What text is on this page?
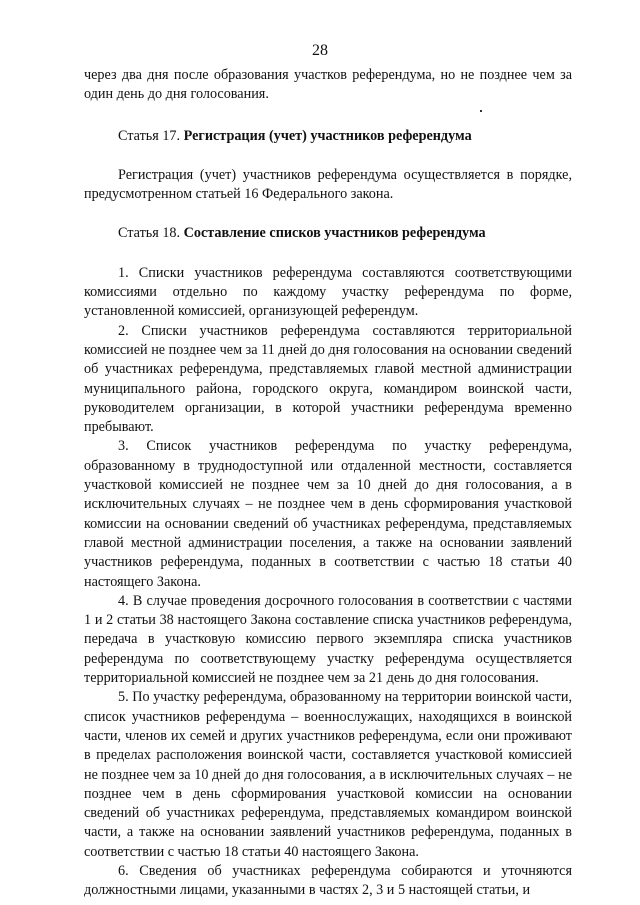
28

через два дня после образования участков референдума, но не позднее чем за один день до дня голосования.

Статья 17. Регистрация (учет) участников референдума

Регистрация (учет) участников референдума осуществляется в порядке, предусмотренном статьей 16 Федерального закона.

Статья 18. Составление списков участников референдума

1. Списки участников референдума составляются соответствующими комиссиями отдельно по каждому участку референдума по форме, установленной комиссией, организующей референдум.

2. Списки участников референдума составляются территориальной комиссией не позднее чем за 11 дней до дня голосования на основании сведений об участниках референдума, представляемых главой местной администрации муниципального района, городского округа, командиром воинской части, руководителем организации, в которой участники референдума временно пребывают.

3. Список участников референдума по участку референдума, образованному в труднодоступной или отдаленной местности, составляется участковой комиссией не позднее чем за 10 дней до дня голосования, а в исключительных случаях – не позднее чем в день сформирования участковой комиссии на основании сведений об участниках референдума, представляемых главой местной администрации поселения, а также на основании заявлений участников референдума, поданных в соответствии с частью 18 статьи 40 настоящего Закона.

4. В случае проведения досрочного голосования в соответствии с частями 1 и 2 статьи 38 настоящего Закона составление списка участников референдума, передача в участковую комиссию первого экземпляра списка участников референдума по соответствующему участку референдума осуществляется территориальной комиссией не позднее чем за 21 день до дня голосования.

5. По участку референдума, образованному на территории воинской части, список участников референдума – военнослужащих, находящихся в воинской части, членов их семей и других участников референдума, если они проживают в пределах расположения воинской части, составляется участковой комиссией не позднее чем за 10 дней до дня голосования, а в исключительных случаях – не позднее чем в день сформирования участковой комиссии на основании сведений об участниках референдума, представляемых командиром воинской части, а также на основании заявлений участников референдума, поданных в соответствии с частью 18 статьи 40 настоящего Закона.

6. Сведения об участниках референдума собираются и уточняются должностными лицами, указанными в частях 2, 3 и 5 настоящей статьи, и
